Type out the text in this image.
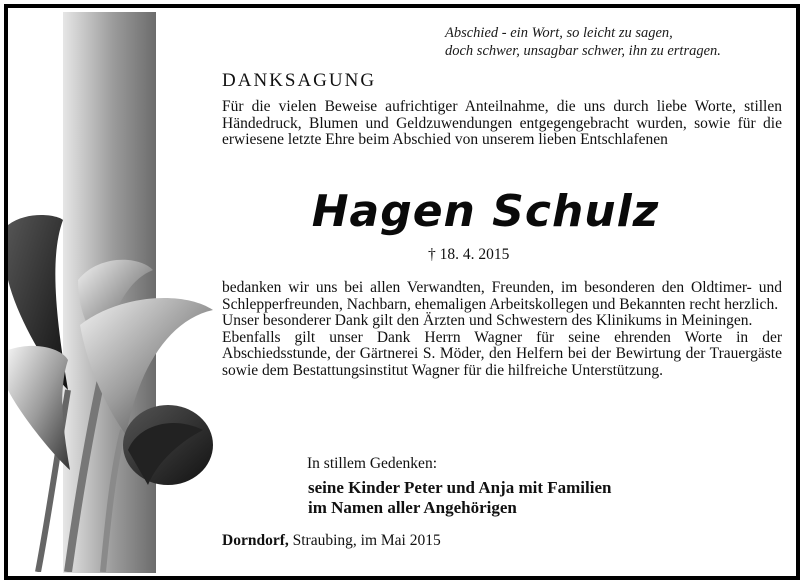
Abschied - ein Wort, so leicht zu sagen,
doch schwer, unsagbar schwer, ihn zu ertragen.
DANKSAGUNG

Für die vielen Beweise aufrichtiger Anteilnahme, die uns durch liebe Worte, stillen Händedruck, Blumen und Geldzuwendungen entgegengebracht wurden, sowie für die erwiesene letzte Ehre beim Abschied von unserem lieben Entschlafenen

Hagen Schulz
† 18. 4. 2015

bedanken wir uns bei allen Verwandten, Freunden, im besonderen den Oldtimer- und Schlepperfreunden, Nachbarn, ehemaligen Arbeitskollegen und Bekannten recht herzlich.

Unser besonderer Dank gilt den Ärzten und Schwestern des Klinikums in Meiningen.

Ebenfalls gilt unser Dank Herrn Wagner für seine ehrenden Worte in der Abschiedsstunde, der Gärtnerei S. Möder, den Helfern bei der Bewirtung der Trauergäste sowie dem Bestattungsinstitut Wagner für die hilfreiche Unterstützung.

In stillem Gedenken:
seine Kinder Peter und Anja mit Familien
im Namen aller Angehörigen
Dorndorf, Straubing, im Mai 2015
